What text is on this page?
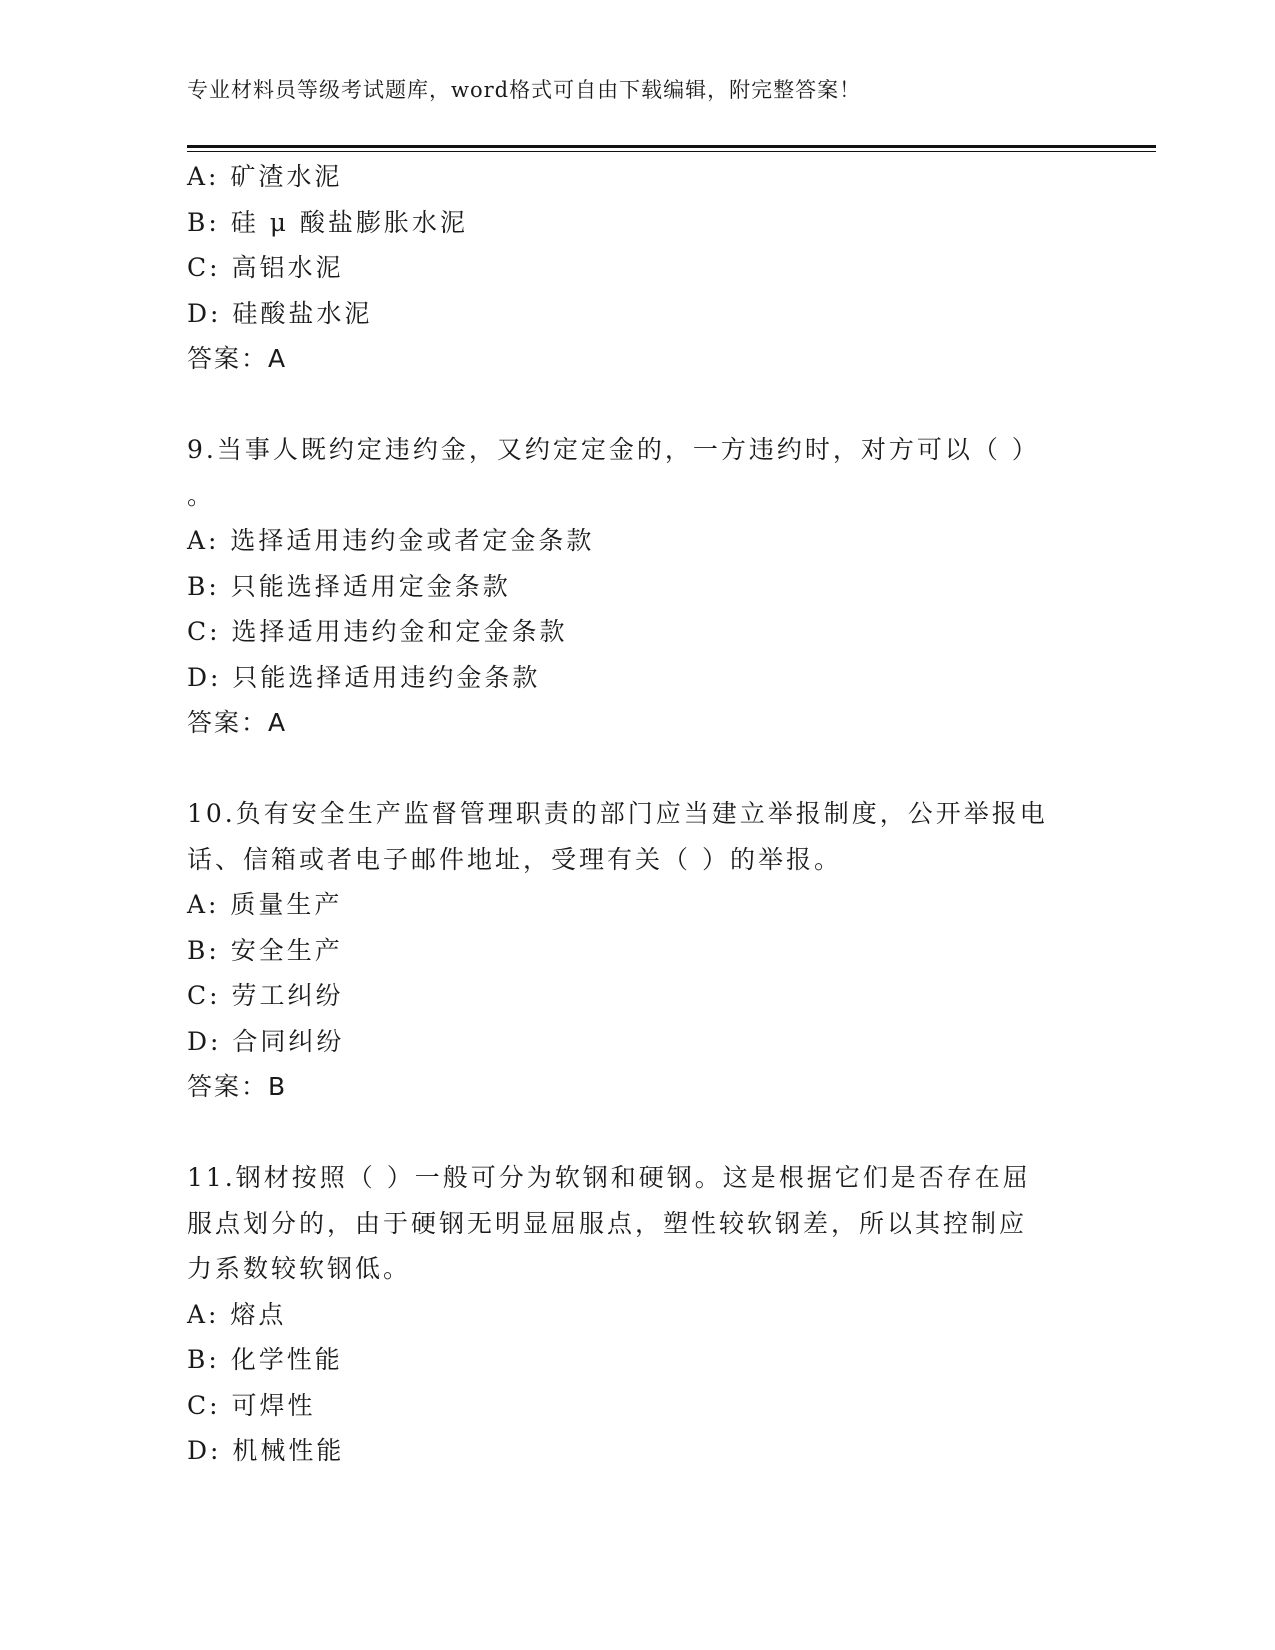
专业材料员等级考试题库，word格式可自由下载编辑，附完整答案！
A: 矿渣水泥
B: 硅 μ 酸盐膨胀水泥
C: 高铝水泥
D: 硅酸盐水泥
答案：A
9.当事人既约定违约金，又约定定金的，一方违约时，对方可以（ ）
。
A: 选择适用违约金或者定金条款
B: 只能选择适用定金条款
C: 选择适用违约金和定金条款
D: 只能选择适用违约金条款
答案：A
10.负有安全生产监督管理职责的部门应当建立举报制度，公开举报电
话、信箱或者电子邮件地址，受理有关（ ）的举报。
A: 质量生产
B: 安全生产
C: 劳工纠纷
D: 合同纠纷
答案：B
11.钢材按照（ ）一般可分为软钢和硬钢。这是根据它们是否存在屈
服点划分的，由于硬钢无明显屈服点，塑性较软钢差，所以其控制应
力系数较软钢低。
A: 熔点
B: 化学性能
C: 可焊性
D: 机械性能
